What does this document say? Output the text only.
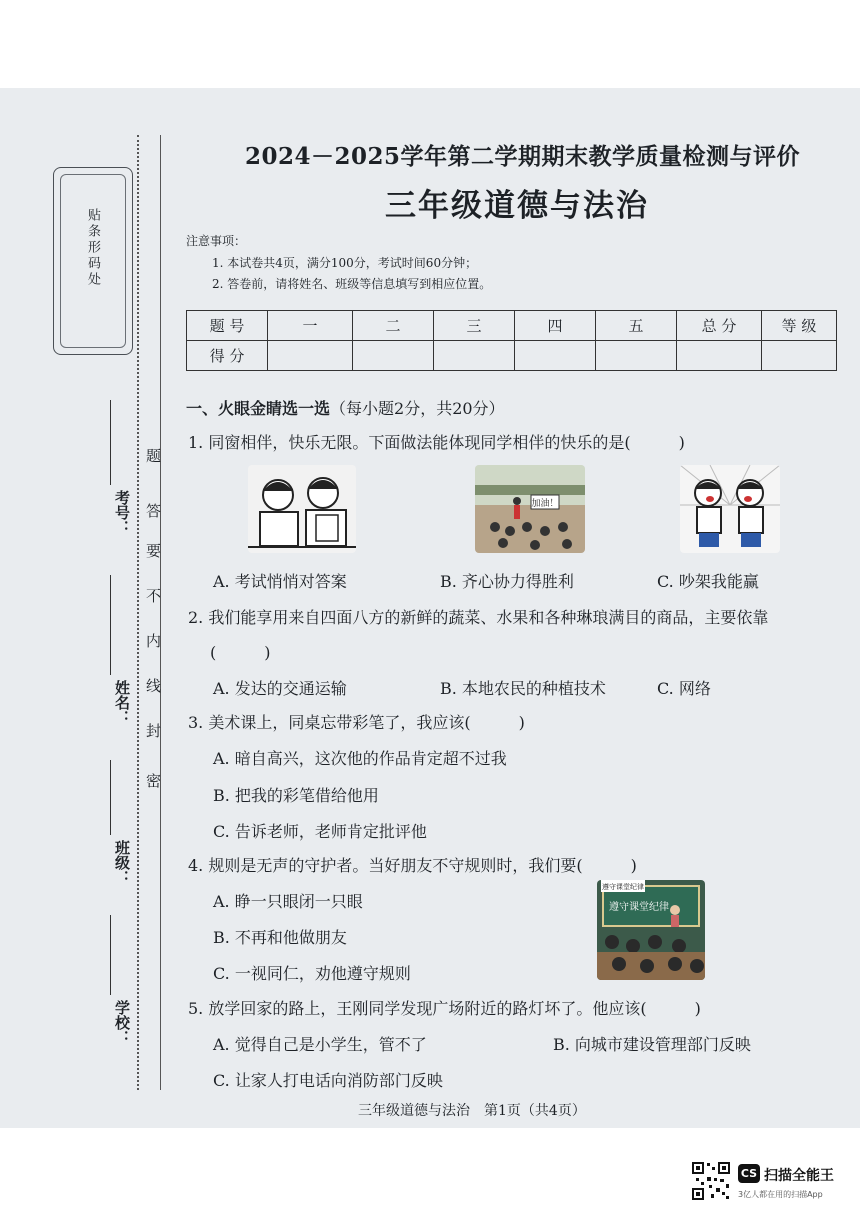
2024－2025学年第二学期期末教学质量检测与评价
三年级道德与法治
贴条形码处
考号：
姓名：
班级：
学校：
题
答
要
不
内
线
封
密
注意事项：
1. 本试卷共4页，满分100分，考试时间60分钟；
2. 答卷前，请将姓名、班级等信息填写到相应位置。
题 号	一	二	三	四	五	总 分	等 级
得 分							
一、火眼金睛选一选（每小题2分，共20分）
1. 同窗相伴，快乐无限。下面做法能体现同学相伴的快乐的是(　　　)
加油！
A. 考试悄悄对答案	B. 齐心协力得胜利	C. 吵架我能赢
2. 我们能享用来自四面八方的新鲜的蔬菜、水果和各种琳琅满目的商品，主要依靠
(　　　)
A. 发达的交通运输	B. 本地农民的种植技术	C. 网络
3. 美术课上，同桌忘带彩笔了，我应该(　　　)
A. 暗自高兴，这次他的作品肯定超不过我
B. 把我的彩笔借给他用
C. 告诉老师，老师肯定批评他
4. 规则是无声的守护者。当好朋友不守规则时，我们要(　　　)
A. 睁一只眼闭一只眼
B. 不再和他做朋友
C. 一视同仁，劝他遵守规则
遵守课堂纪律
遵守课堂纪律
5. 放学回家的路上，王刚同学发现广场附近的路灯坏了。他应该(　　　)
A. 觉得自己是小学生，管不了	B. 向城市建设管理部门反映
C. 让家人打电话向消防部门反映
三年级道德与法治　第1页（共4页）
CS 扫描全能王
3亿人都在用的扫描App
